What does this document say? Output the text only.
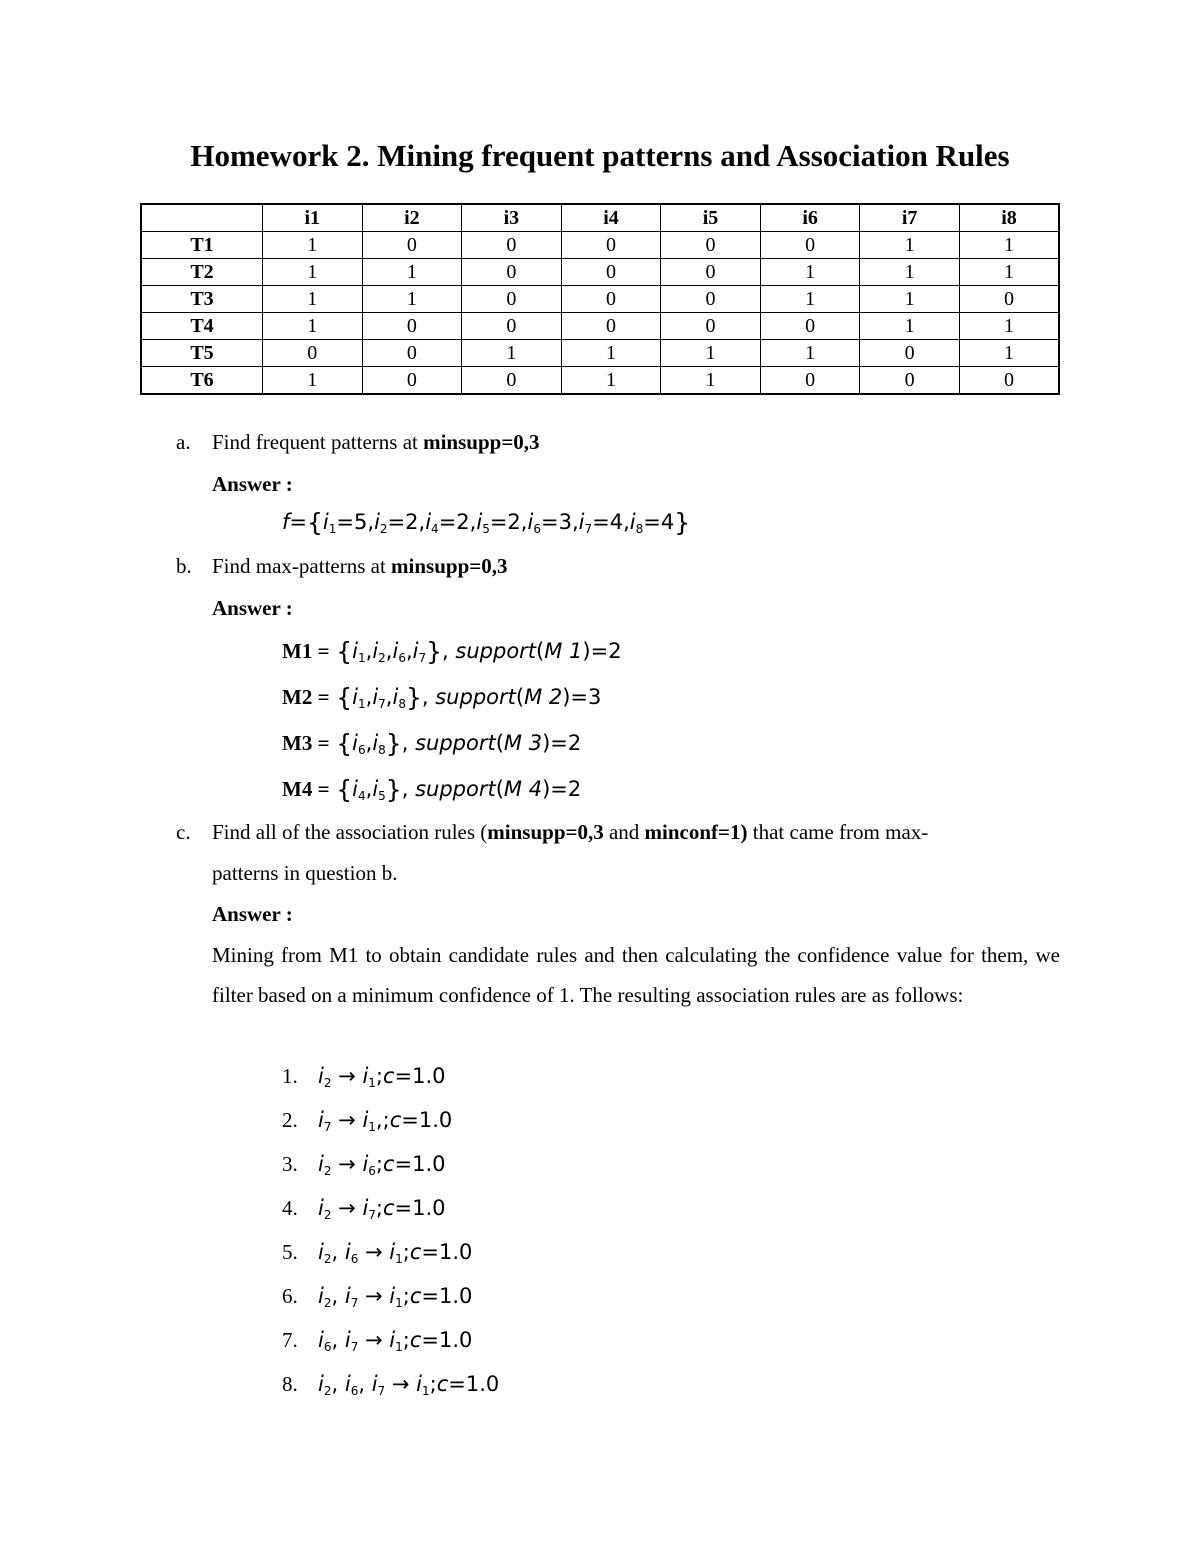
Homework 2. Mining frequent patterns and Association Rules
	i1	i2	i3	i4	i5	i6	i7	i8
T1	1	0	0	0	0	0	1	1
T2	1	1	0	0	0	1	1	1
T3	1	1	0	0	0	1	1	0
T4	1	0	0	0	0	0	1	1
T5	0	0	1	1	1	1	0	1
T6	1	0	0	1	1	0	0	0
a. Find frequent patterns at minsupp=0,3
Answer :
$f=\{i_1=5,i_2=2,i_4=2,i_5=2,i_6=3,i_7=4,i_8=4\}$
b. Find max-patterns at minsupp=0,3
Answer :
$M1 = \{i_1,i_2,i_6,i_7\}$, support(M 1)=2
$M2 = \{i_1,i_7,i_8\}$, support(M 2)=3
$M3 = \{i_6,i_8\}$, support(M 3)=2
$M4 = \{i_4,i_5\}$, support(M 4)=2
c. Find all of the association rules (minsupp=0,3 and minconf=1) that came from max-
patterns in question b.
Answer :
Mining from M1 to obtain candidate rules and then calculating the confidence value for them, we filter based on a minimum confidence of 1. The resulting association rules are as follows:
1. $i_2$ → $i_1;c=1.0$
2. $i_7$ → $i_1,;c=1.0$
3. $i_2$ → $i_6;c=1.0$
4. $i_2$ → $i_7;c=1.0$
5. $i_2$, $i_6$ → $i_1;c=1.0$
6. $i_2$, $i_7$ → $i_1;c=1.0$
7. $i_6$, $i_7$ → $i_1;c=1.0$
8. $i_2$, $i_6$, $i_7$ → $i_1;c=1.0$
